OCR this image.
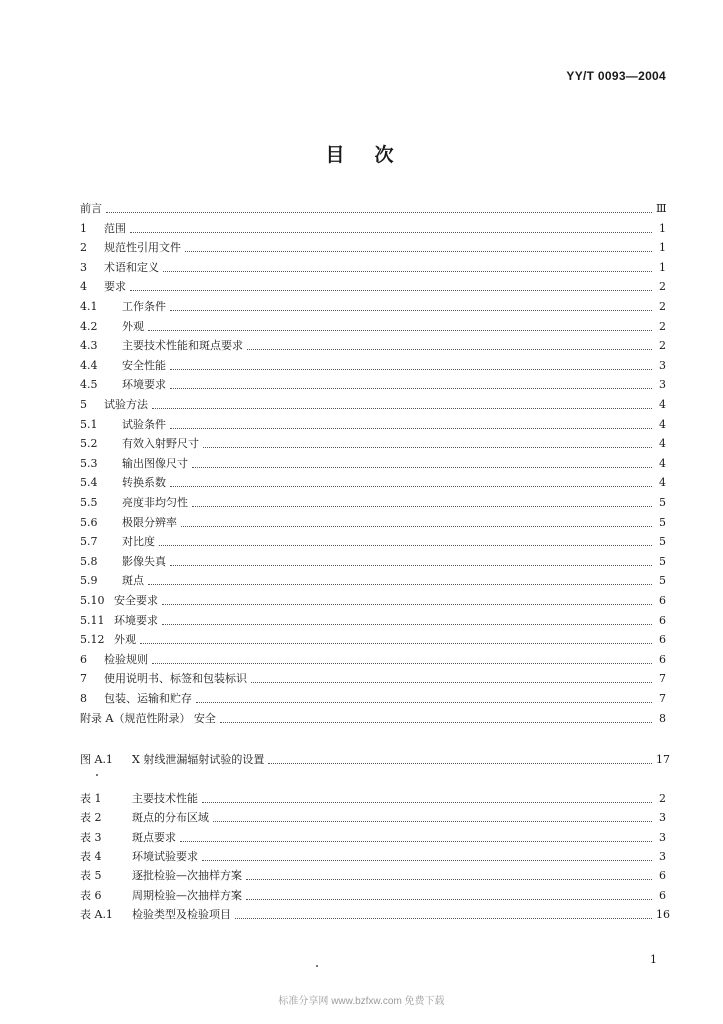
YY/T 0093—2004
目次
前言	Ⅲ
1 范围	1
2 规范性引用文件	1
3 术语和定义	1
4 要求	2
4.1 工作条件	2
4.2 外观	2
4.3 主要技术性能和斑点要求	2
4.4 安全性能	3
4.5 环境要求	3
5 试验方法	4
5.1 试验条件	4
5.2 有效入射野尺寸	4
5.3 输出图像尺寸	4
5.4 转换系数	4
5.5 亮度非均匀性	5
5.6 极限分辨率	5
5.7 对比度	5
5.8 影像失真	5
5.9 斑点	5
5.10 安全要求	6
5.11 环境要求	6
5.12 外观	6
6 检验规则	6
7 使用说明书、标签和包装标识	7
8 包装、运输和贮存	7
附录 A（规范性附录） 安全	8
图 A.1 X 射线泄漏辐射试验的设置	17
表 1	主要技术性能	2
表 2	斑点的分布区域	3
表 3	斑点要求	3
表 4	环境试验要求	3
表 5	逐批检验—次抽样方案	6
表 6	周期检验—次抽样方案	6
表 A.1 检验类型及检验项目	16
1
标准分享网 www.bzfxw.com 免费下载
